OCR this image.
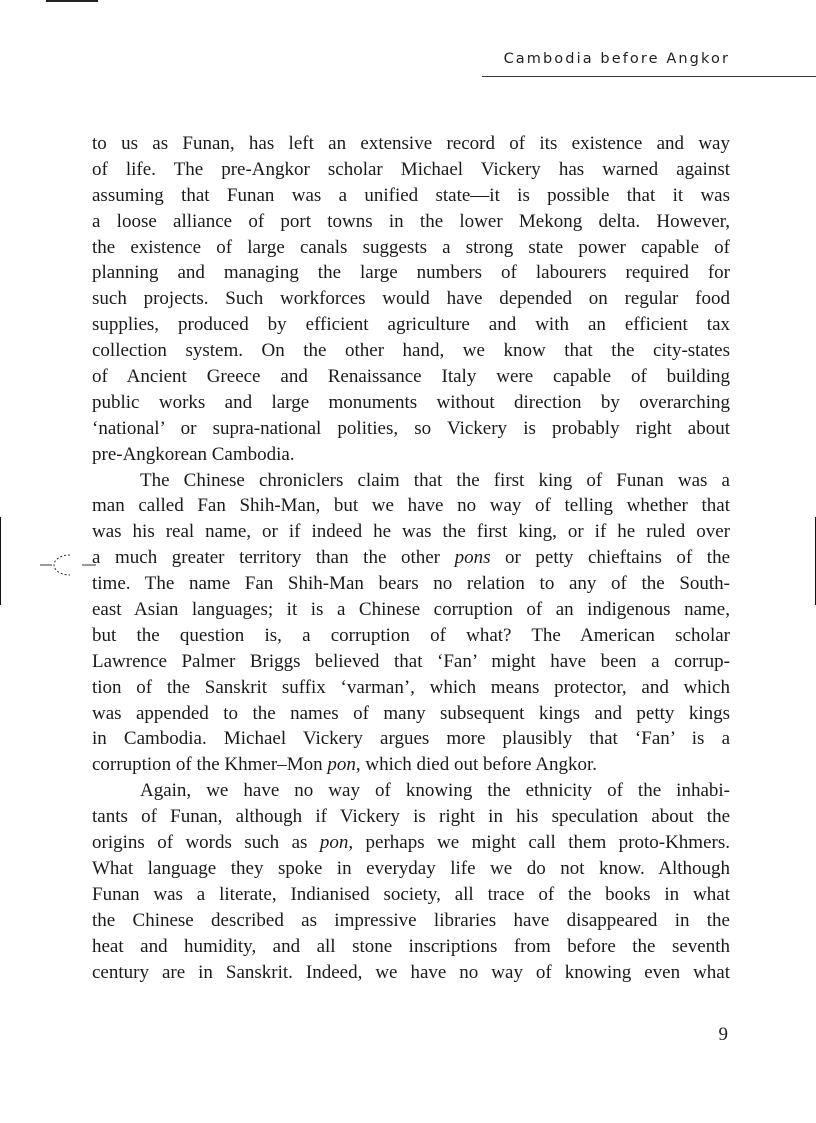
Cambodia before Angkor
to us as Funan, has left an extensive record of its existence and way
of life. The pre-Angkor scholar Michael Vickery has warned against
assuming that Funan was a unified state—it is possible that it was
a loose alliance of port towns in the lower Mekong delta. However,
the existence of large canals suggests a strong state power capable of
planning and managing the large numbers of labourers required for
such projects. Such workforces would have depended on regular food
supplies, produced by efficient agriculture and with an efficient tax
collection system. On the other hand, we know that the city-states
of Ancient Greece and Renaissance Italy were capable of building
public works and large monuments without direction by overarching
‘national’ or supra-national polities, so Vickery is probably right about
pre-Angkorean Cambodia.
The Chinese chroniclers claim that the first king of Funan was a
man called Fan Shih-Man, but we have no way of telling whether that
was his real name, or if indeed he was the first king, or if he ruled over
a much greater territory than the other pons or petty chieftains of the
time. The name Fan Shih-Man bears no relation to any of the South-
east Asian languages; it is a Chinese corruption of an indigenous name,
but the question is, a corruption of what? The American scholar
Lawrence Palmer Briggs believed that ‘Fan’ might have been a corrup-
tion of the Sanskrit suffix ‘varman’, which means protector, and which
was appended to the names of many subsequent kings and petty kings
in Cambodia. Michael Vickery argues more plausibly that ‘Fan’ is a
corruption of the Khmer–Mon pon, which died out before Angkor.
Again, we have no way of knowing the ethnicity of the inhabi-
tants of Funan, although if Vickery is right in his speculation about the
origins of words such as pon, perhaps we might call them proto-Khmers.
What language they spoke in everyday life we do not know. Although
Funan was a literate, Indianised society, all trace of the books in what
the Chinese described as impressive libraries have disappeared in the
heat and humidity, and all stone inscriptions from before the seventh
century are in Sanskrit. Indeed, we have no way of knowing even what
9
